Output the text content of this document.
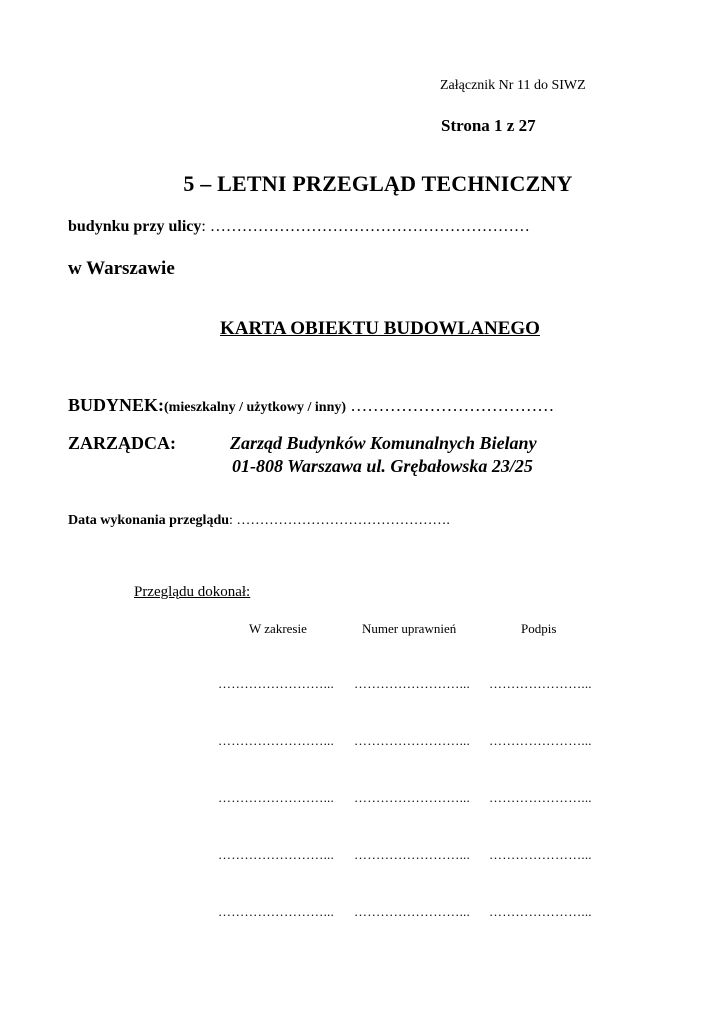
Załącznik Nr 11 do SIWZ
Strona 1 z 27
5 – LETNI PRZEGLĄD TECHNICZNY
budynku przy ulicy: ……………………………………………………
w Warszawie
KARTA OBIEKTU BUDOWLANEGO
BUDYNEK:(mieszkalny / użytkowy / inny) ………………………………
ZARZĄDCA:	Zarząd Budynków Komunalnych Bielany
01-808 Warszawa ul. Grębałowska 23/25
Data wykonania przeglądu: ……………………………………….
Przeglądu dokonał:
W zakresie	Numer uprawnień	Podpis
……………………... ……………………... …………………...
……………………... ……………………... …………………...
……………………... ……………………... …………………...
……………………... ……………………... …………………...
……………………... ……………………... …………………...
